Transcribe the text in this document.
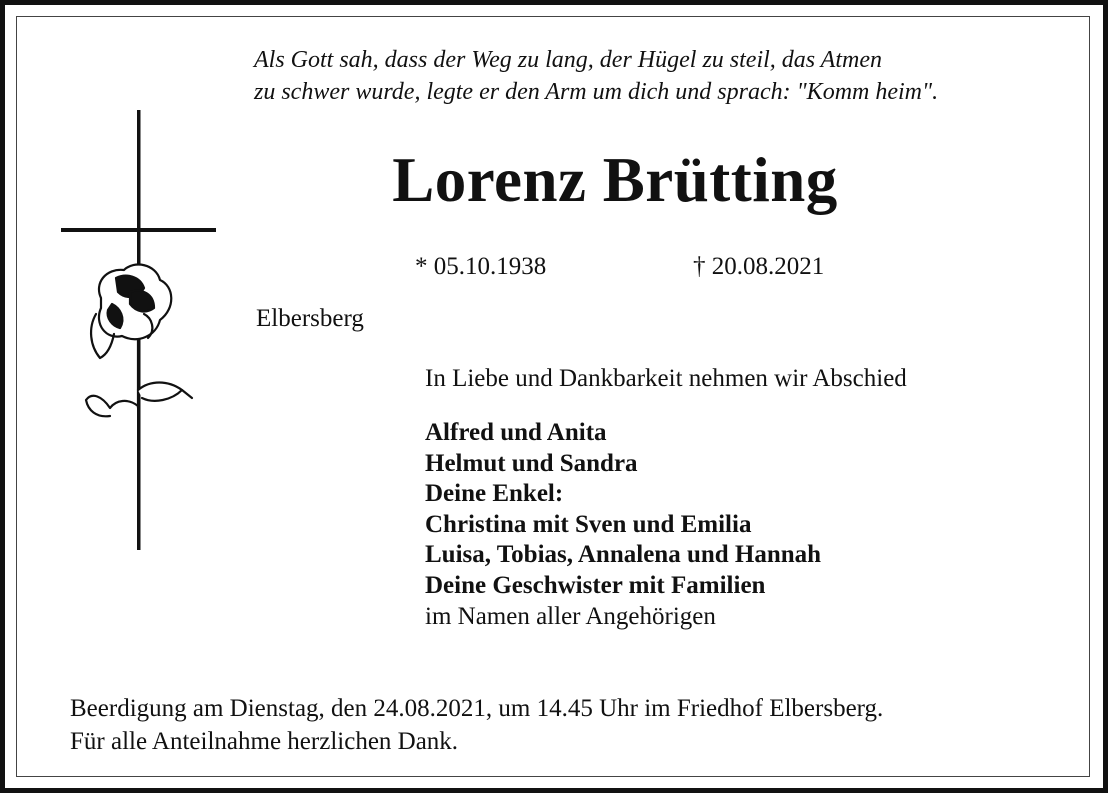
Als Gott sah, dass der Weg zu lang, der Hügel zu steil, das Atmen
zu schwer wurde, legte er den Arm um dich und sprach: "Komm heim".
Lorenz Brütting
* 05.10.1938	† 20.08.2021
Elbersberg
In Liebe und Dankbarkeit nehmen wir Abschied
Alfred und Anita
Helmut und Sandra
Deine Enkel:
Christina mit Sven und Emilia
Luisa, Tobias, Annalena und Hannah
Deine Geschwister mit Familien
im Namen aller Angehörigen
Beerdigung am Dienstag, den 24.08.2021, um 14.45 Uhr im Friedhof Elbersberg.
Für alle Anteilnahme herzlichen Dank.
